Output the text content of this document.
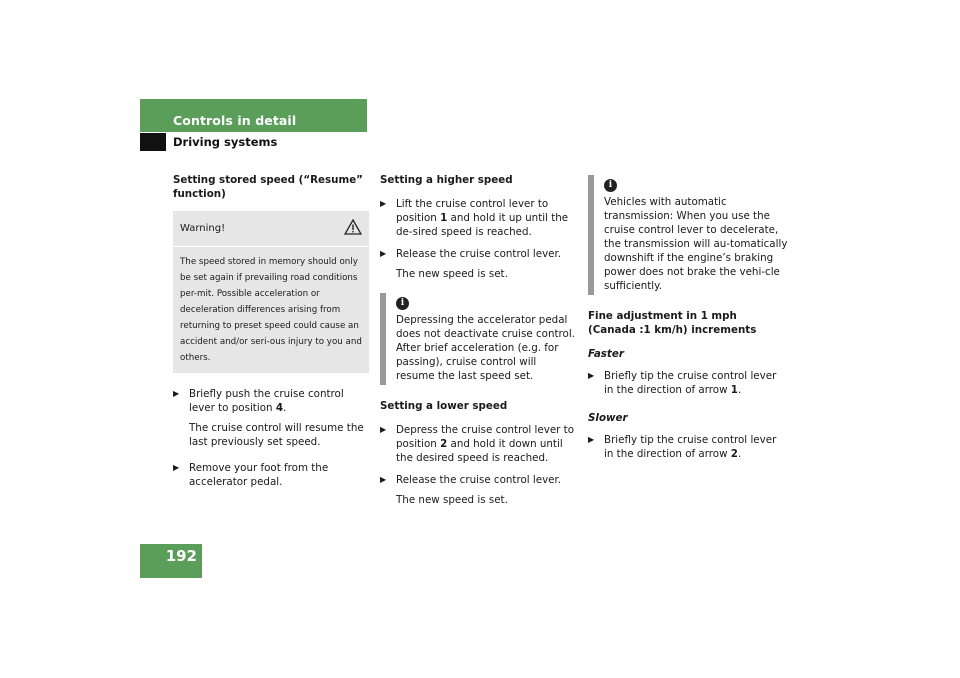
Controls in detail
Driving systems
192
Setting stored speed (“Resume” function)
Warning!
The speed stored in memory should only be set again if prevailing road conditions per-mit. Possible acceleration or deceleration differences arising from returning to preset speed could cause an accident and/or seri-ous injury to you and others.
▶ Briefly push the cruise control lever to position 4.
The cruise control will resume the last previously set speed.
▶ Remove your foot from the accelerator pedal.
Setting a higher speed
▶ Lift the cruise control lever to position 1 and hold it up until the de-sired speed is reached.
▶ Release the cruise control lever.
The new speed is set.
i
Depressing the accelerator pedal does not deactivate cruise control. After brief acceleration (e.g. for passing), cruise control will resume the last speed set.
Setting a lower speed
▶ Depress the cruise control lever to position 2 and hold it down until the desired speed is reached.
▶ Release the cruise control lever.
The new speed is set.
i
Vehicles with automatic transmission: When you use the cruise control lever to decelerate, the transmission will au-tomatically downshift if the engine’s braking power does not brake the vehi-cle sufficiently.
Fine adjustment in 1 mph (Canada :1 km/h) increments
Faster
▶ Briefly tip the cruise control lever in the direction of arrow 1.
Slower
▶ Briefly tip the cruise control lever in the direction of arrow 2.
